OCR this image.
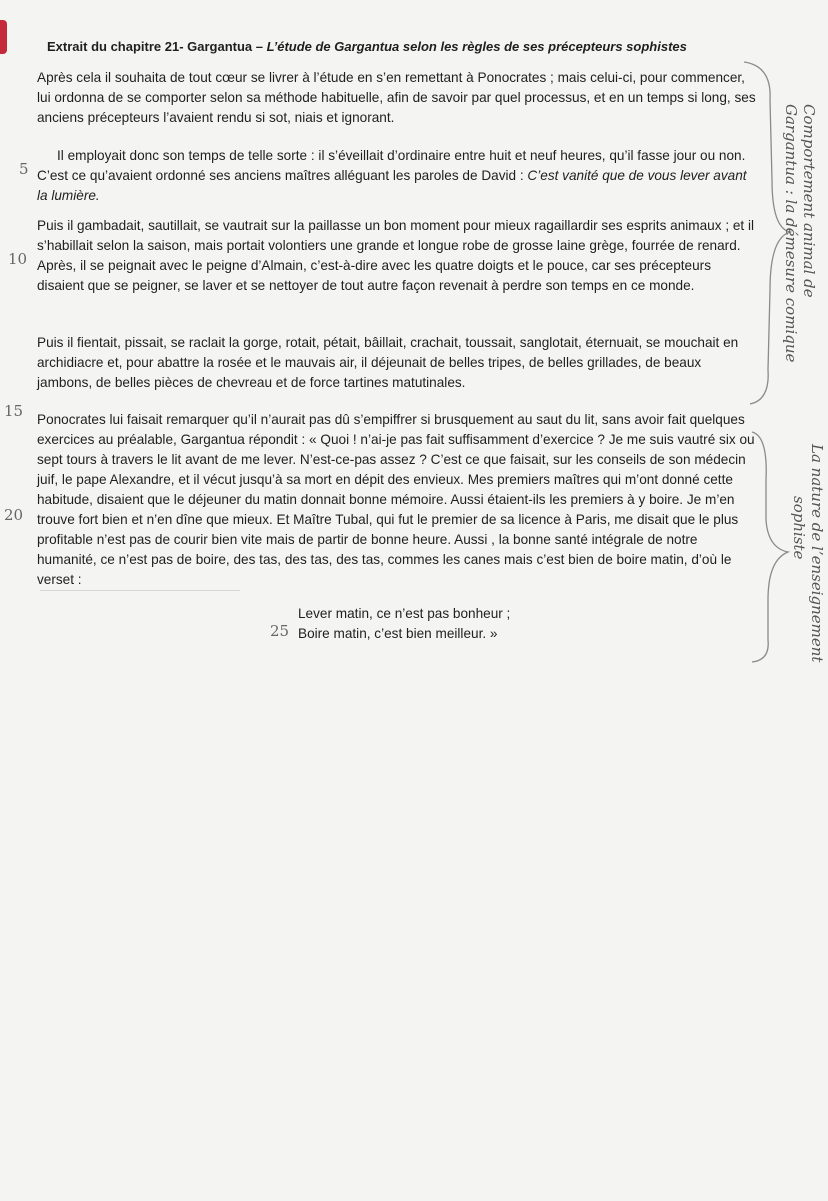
Extrait du chapitre 21- Gargantua – L’étude de Gargantua selon les règles de ses précepteurs sophistes

Après cela il souhaita de tout cœur se livrer à l’étude en s’en remettant à Ponocrates ; mais celui-ci, pour commencer, lui ordonna de se comporter selon sa méthode habituelle, afin de savoir par quel processus, et en un temps si long, ses anciens précepteurs l’avaient rendu si sot, niais et ignorant.

Il employait donc son temps de telle sorte : il s’éveillait d’ordinaire entre huit et neuf heures, qu’il fasse jour ou non. C’est ce qu’avaient ordonné ses anciens maîtres alléguant les paroles de David : C’est vanité que de vous lever avant la lumière.

Puis il gambadait, sautillait, se vautrait sur la paillasse un bon moment pour mieux ragaillardir ses esprits animaux ; et il s’habillait selon la saison, mais portait volontiers une grande et longue robe de grosse laine grège, fourrée de renard. Après, il se peignait avec le peigne d’Almain, c’est-à-dire avec les quatre doigts et le pouce, car ses précepteurs disaient que se peigner, se laver et se nettoyer de tout autre façon revenait à perdre son temps en ce monde.

Puis il fientait, pissait, se raclait la gorge, rotait, pétait, bâillait, crachait, toussait, sanglotait, éternuait, se mouchait en archidiacre et, pour abattre la rosée et le mauvais air, il déjeunait de belles tripes, de belles grillades, de beaux jambons, de belles pièces de chevreau et de force tartines matutinales.

Ponocrates lui faisait remarquer qu’il n’aurait pas dû s’empiffrer si brusquement au saut du lit, sans avoir fait quelques exercices au préalable, Gargantua répondit : « Quoi ! n’ai-je pas fait suffisamment d’exercice ? Je me suis vautré six ou sept tours à travers le lit avant de me lever. N’est-ce-pas assez ? C’est ce que faisait, sur les conseils de son médecin juif, le pape Alexandre, et il vécut jusqu’à sa mort en dépit des envieux. Mes premiers maîtres qui m’ont donné cette habitude, disaient que le déjeuner du matin donnait bonne mémoire. Aussi étaient-ils les premiers à y boire. Je m’en trouve fort bien et n’en dîne que mieux. Et Maître Tubal, qui fut le premier de sa licence à Paris, me disait que le plus profitable n’est pas de courir bien vite mais de partir de bonne heure. Aussi , la bonne santé intégrale de notre humanité, ce n’est pas de boire, des tas, des tas, des tas, commes les canes mais c’est bien de boire matin, d’où le verset :

Lever matin, ce n’est pas bonheur ;
Boire matin, c’est bien meilleur. »
5
10
15
20
25
Comportement animal de
Gargantua : la démesure comique
La nature de l’enseignement
sophiste
